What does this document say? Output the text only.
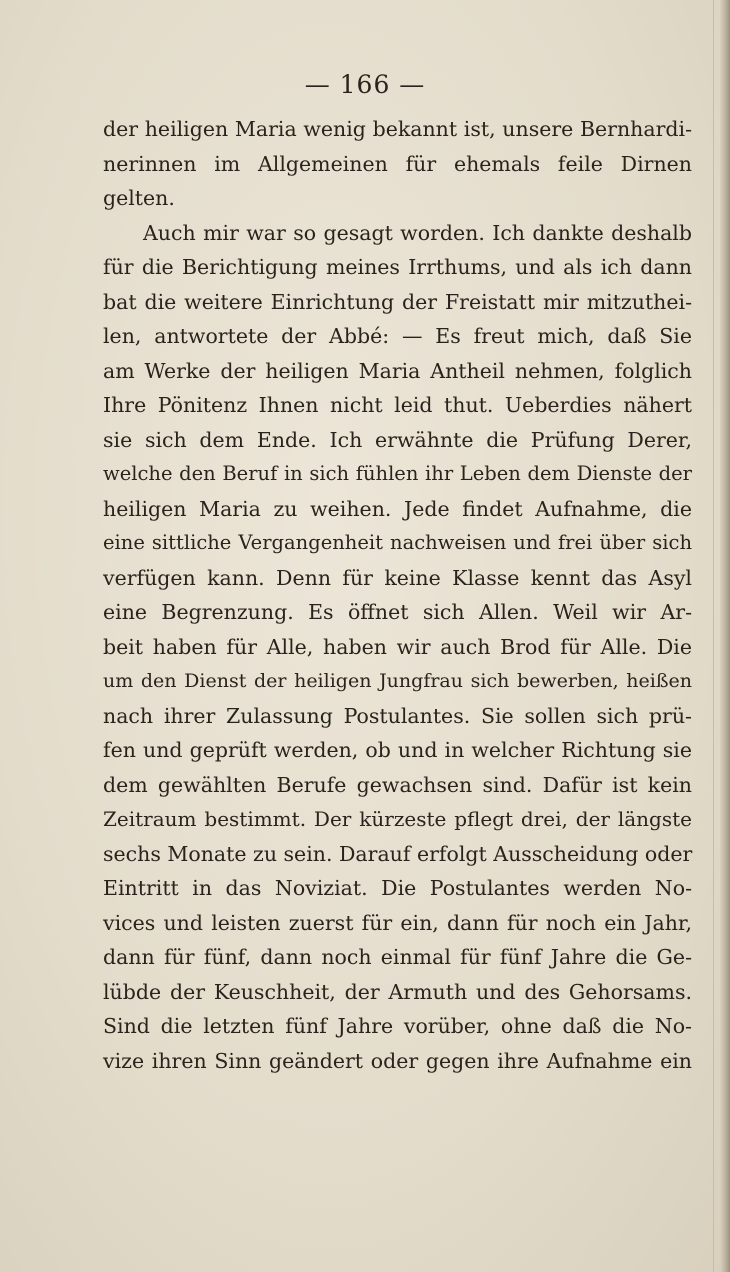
— 166 —
der heiligen Maria wenig bekannt ist, unsere Bernhardi-
nerinnen im Allgemeinen für ehemals feile Dirnen
gelten.
Auch mir war so gesagt worden. Ich dankte deshalb
für die Berichtigung meines Irrthums, und als ich dann
bat die weitere Einrichtung der Freistatt mir mitzuthei-
len, antwortete der Abbé: — Es freut mich, daß Sie
am Werke der heiligen Maria Antheil nehmen, folglich
Ihre Pönitenz Ihnen nicht leid thut. Ueberdies nähert
sie sich dem Ende. Ich erwähnte die Prüfung Derer,
welche den Beruf in sich fühlen ihr Leben dem Dienste der
heiligen Maria zu weihen. Jede findet Aufnahme, die
eine sittliche Vergangenheit nachweisen und frei über sich
verfügen kann. Denn für keine Klasse kennt das Asyl
eine Begrenzung. Es öffnet sich Allen. Weil wir Ar-
beit haben für Alle, haben wir auch Brod für Alle. Die
um den Dienst der heiligen Jungfrau sich bewerben, heißen
nach ihrer Zulassung Postulantes. Sie sollen sich prü-
fen und geprüft werden, ob und in welcher Richtung sie
dem gewählten Berufe gewachsen sind. Dafür ist kein
Zeitraum bestimmt. Der kürzeste pflegt drei, der längste
sechs Monate zu sein. Darauf erfolgt Ausscheidung oder
Eintritt in das Noviziat. Die Postulantes werden No-
vices und leisten zuerst für ein, dann für noch ein Jahr,
dann für fünf, dann noch einmal für fünf Jahre die Ge-
lübde der Keuschheit, der Armuth und des Gehorsams.
Sind die letzten fünf Jahre vorüber, ohne daß die No-
vize ihren Sinn geändert oder gegen ihre Aufnahme ein
